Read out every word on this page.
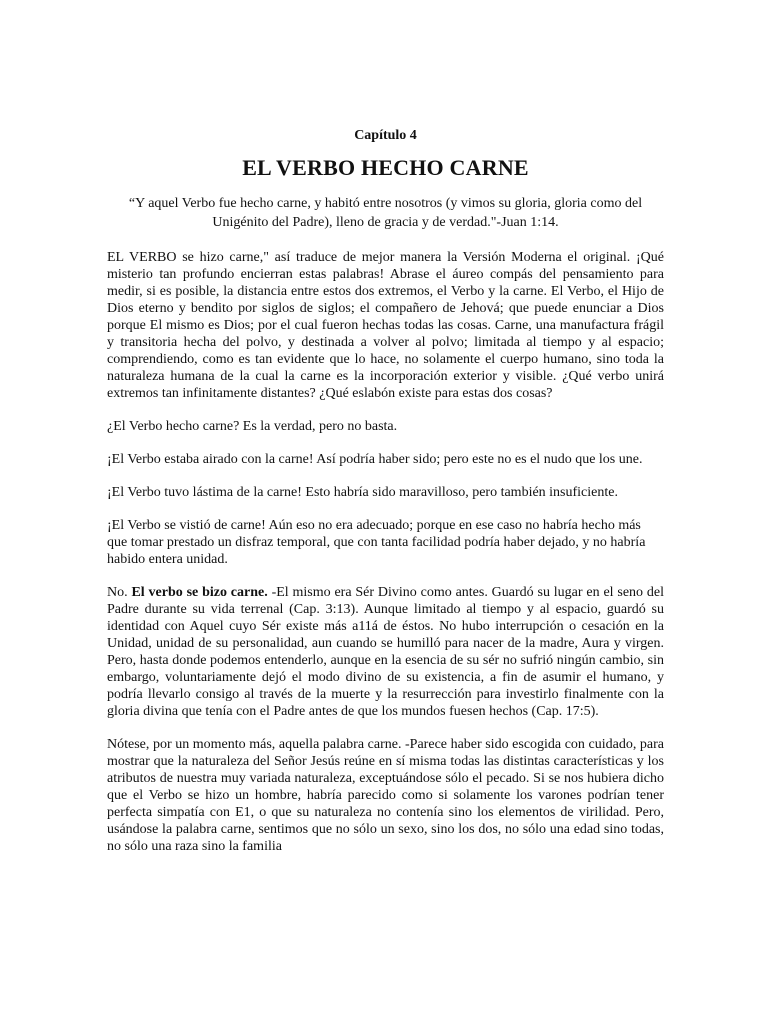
Capítulo 4
EL VERBO HECHO CARNE
“Y aquel Verbo fue hecho carne, y habitó entre nosotros (y vimos su gloria, gloria como del Unigénito del Padre), lleno de gracia y de verdad."-Juan 1:14.

EL VERBO se hizo carne," así traduce de mejor manera la Versión Moderna el original. ¡Qué misterio tan profundo encierran estas palabras! Abrase el áureo compás del pensamiento para medir, si es posible, la distancia entre estos dos extremos, el Verbo y la carne. El Verbo, el Hijo de Dios eterno y bendito por siglos de siglos; el compañero de Jehová; que puede enunciar a Dios porque El mismo es Dios; por el cual fueron hechas todas las cosas. Carne, una manufactura frágil y transitoria hecha del polvo, y destinada a volver al polvo; limitada al tiempo y al espacio; comprendiendo, como es tan evidente que lo hace, no solamente el cuerpo humano, sino toda la naturaleza humana de la cual la carne es la incorporación exterior y visible. ¿Qué verbo unirá extremos tan infinitamente distantes? ¿Qué eslabón existe para estas dos cosas?

¿El Verbo hecho carne? Es la verdad, pero no basta.

¡El Verbo estaba airado con la carne! Así podría haber sido; pero este no es el nudo que los une.

¡El Verbo tuvo lástima de la carne! Esto habría sido maravilloso, pero también insuficiente.

¡El Verbo se vistió de carne! Aún eso no era adecuado; porque en ese caso no habría hecho más que tomar prestado un disfraz temporal, que con tanta facilidad podría haber dejado, y no habría habido entera unidad.

No. El verbo se bizo carne. -El mismo era Sér Divino como antes. Guardó su lugar en el seno del Padre durante su vida terrenal (Cap. 3:13). Aunque limitado al tiempo y al espacio, guardó su identidad con Aquel cuyo Sér existe más a11á de éstos. No hubo interrupción o cesación en la Unidad, unidad de su personalidad, aun cuando se humilló para nacer de la madre, Aura y virgen. Pero, hasta donde podemos entenderlo, aunque en la esencia de su sér no sufrió ningún cambio, sin embargo, voluntariamente dejó el modo divino de su existencia, a fin de asumir el humano, y podría llevarlo consigo al través de la muerte y la resurrección para investirlo finalmente con la gloria divina que tenía con el Padre antes de que los mundos fuesen hechos (Cap. 17:5).

Nótese, por un momento más, aquella palabra carne. -Parece haber sido escogida con cuidado, para mostrar que la naturaleza del Señor Jesús reúne en sí misma todas las distintas características y los atributos de nuestra muy variada naturaleza, exceptuándose sólo el pecado. Si se nos hubiera dicho que el Verbo se hizo un hombre, habría parecido como si solamente los varones podrían tener perfecta simpatía con E1, o que su naturaleza no contenía sino los elementos de virilidad. Pero, usándose la palabra carne, sentimos que no sólo un sexo, sino los dos, no sólo una edad sino todas, no sólo una raza sino la familia
